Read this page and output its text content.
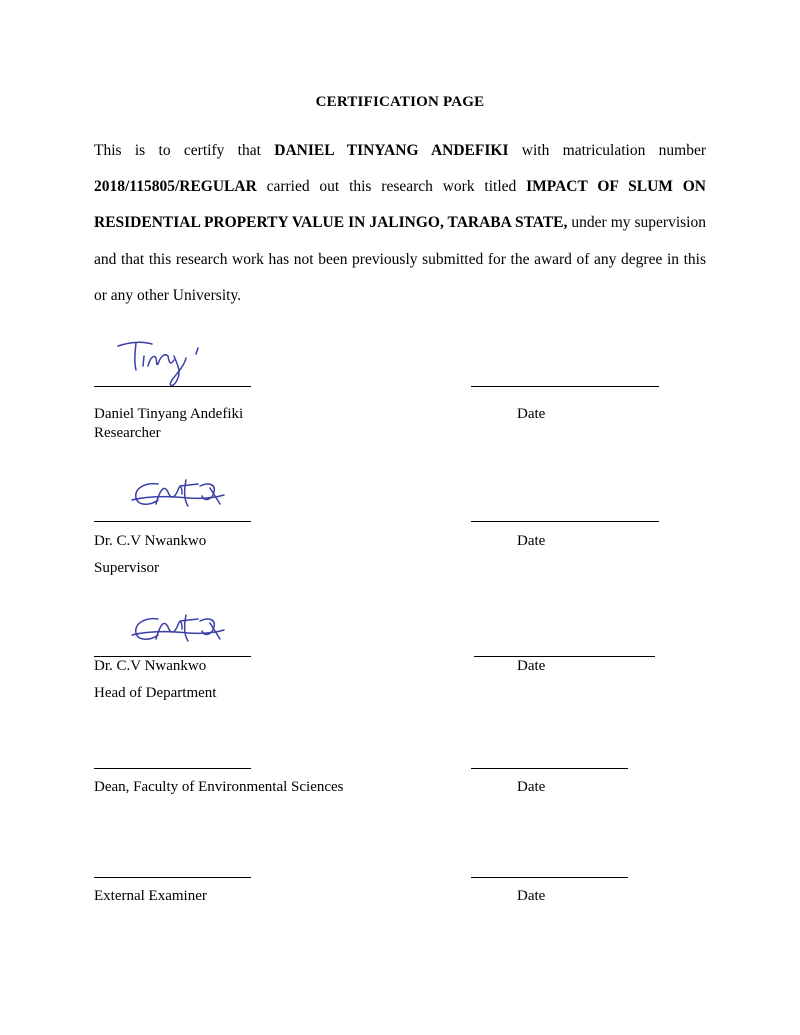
CERTIFICATION PAGE
This is to certify that DANIEL TINYANG ANDEFIKI with matriculation number 2018/115805/REGULAR carried out this research work titled IMPACT OF SLUM ON RESIDENTIAL PROPERTY VALUE IN JALINGO, TARABA STATE, under my supervision and that this research work has not been previously submitted for the award of any degree in this or any other University.
Daniel Tinyang Andefiki
Researcher
Date
Dr. C.V Nwankwo
Supervisor
Date
Dr. C.V Nwankwo
Head of Department
Date
Dean, Faculty of Environmental Sciences	Date
External Examiner	Date
